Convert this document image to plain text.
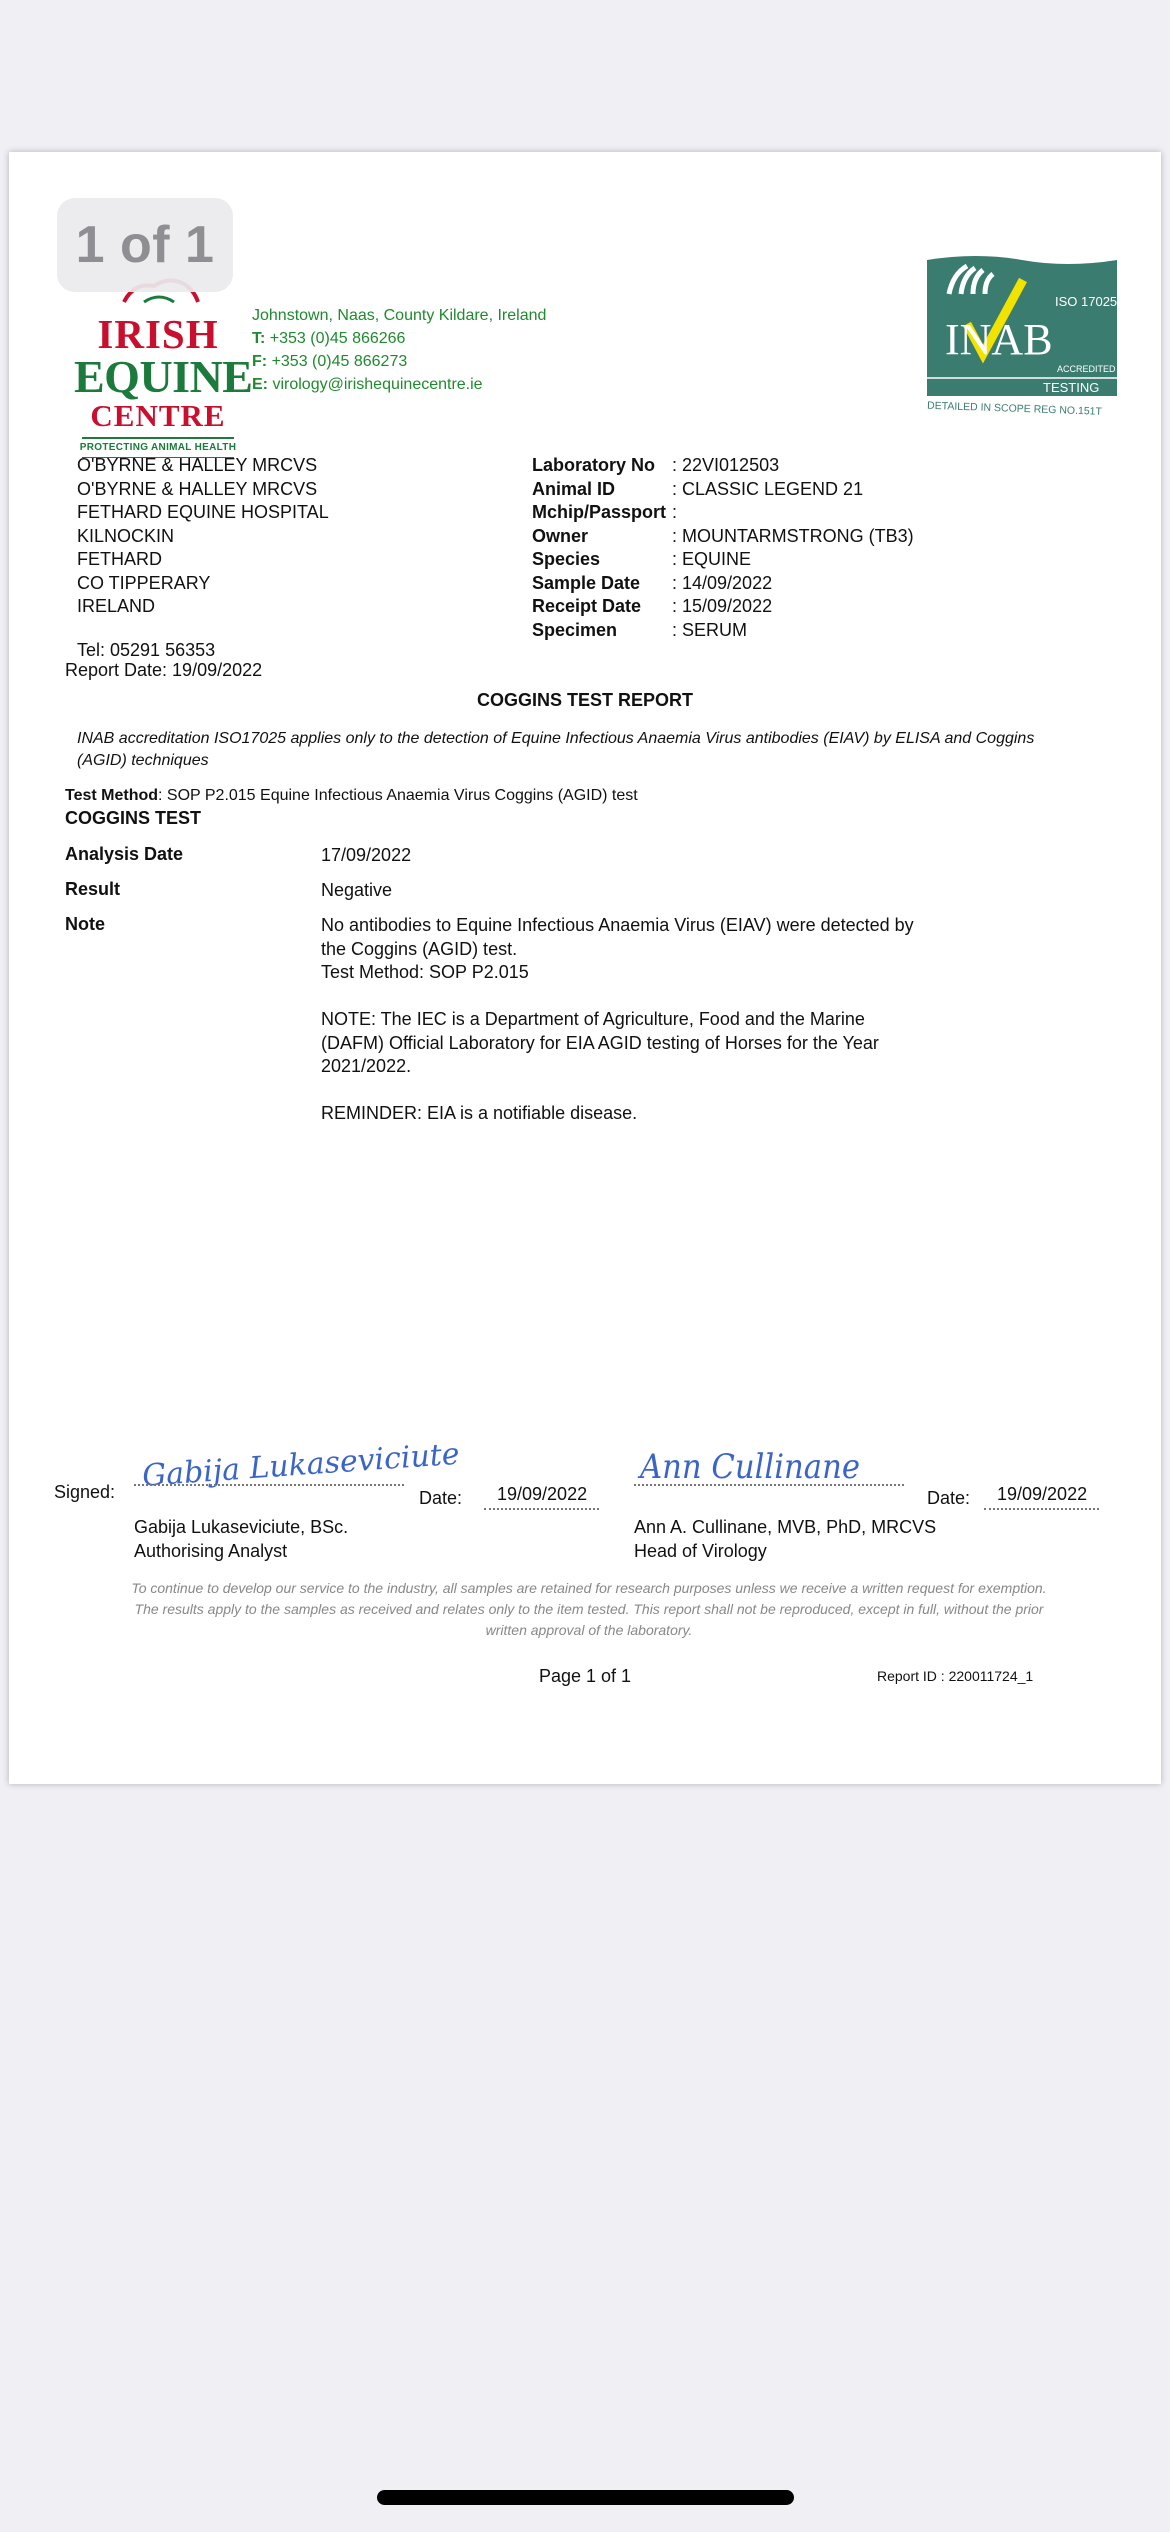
1 of 1
IRISH
EQUINE
CENTRE
PROTECTING ANIMAL HEALTH
Johnstown, Naas, County Kildare, Ireland
T: +353 (0)45 866266
F: +353 (0)45 866273
E: virology@irishequinecentre.ie
ISO 17025
INAB
ACCREDITED
TESTING
DETAILED IN SCOPE REG NO.151T
O'BYRNE & HALLEY MRCVS
O'BYRNE & HALLEY MRCVS
FETHARD EQUINE HOSPITAL
KILNOCKIN
FETHARD
CO TIPPERARY
IRELAND
Tel: 05291 56353
Report Date: 19/09/2022
Laboratory No : 22VI012503
Animal ID	: CLASSIC LEGEND 21
Mchip/Passport :
Owner	: MOUNTARMSTRONG (TB3)
Species	: EQUINE
Sample Date	: 14/09/2022
Receipt Date	: 15/09/2022
Specimen	: SERUM
COGGINS TEST REPORT
INAB accreditation ISO17025 applies only to the detection of Equine Infectious Anaemia Virus antibodies (EIAV) by ELISA and Coggins (AGID) techniques
Test Method: SOP P2.015 Equine Infectious Anaemia Virus Coggins (AGID) test
COGGINS TEST
Analysis Date	17/09/2022
Result	Negative
Note	No antibodies to Equine Infectious Anaemia Virus (EIAV) were detected by the Coggins (AGID) test.
Test Method: SOP P2.015
NOTE: The IEC is a Department of Agriculture, Food and the Marine (DAFM) Official Laboratory for EIA AGID testing of Horses for the Year 2021/2022.
REMINDER: EIA is a notifiable disease.
Signed: Gabija Lukaseviciute
Date: 19/09/2022
Gabija Lukaseviciute, BSc.
Authorising Analyst
Ann Cullinane
Date: 19/09/2022
Ann A. Cullinane, MVB, PhD, MRCVS
Head of Virology
To continue to develop our service to the industry, all samples are retained for research purposes unless we receive a written request for exemption. The results apply to the samples as received and relates only to the item tested. This report shall not be reproduced, except in full, without the prior written approval of the laboratory.
Page 1 of 1	Report ID : 220011724_1
